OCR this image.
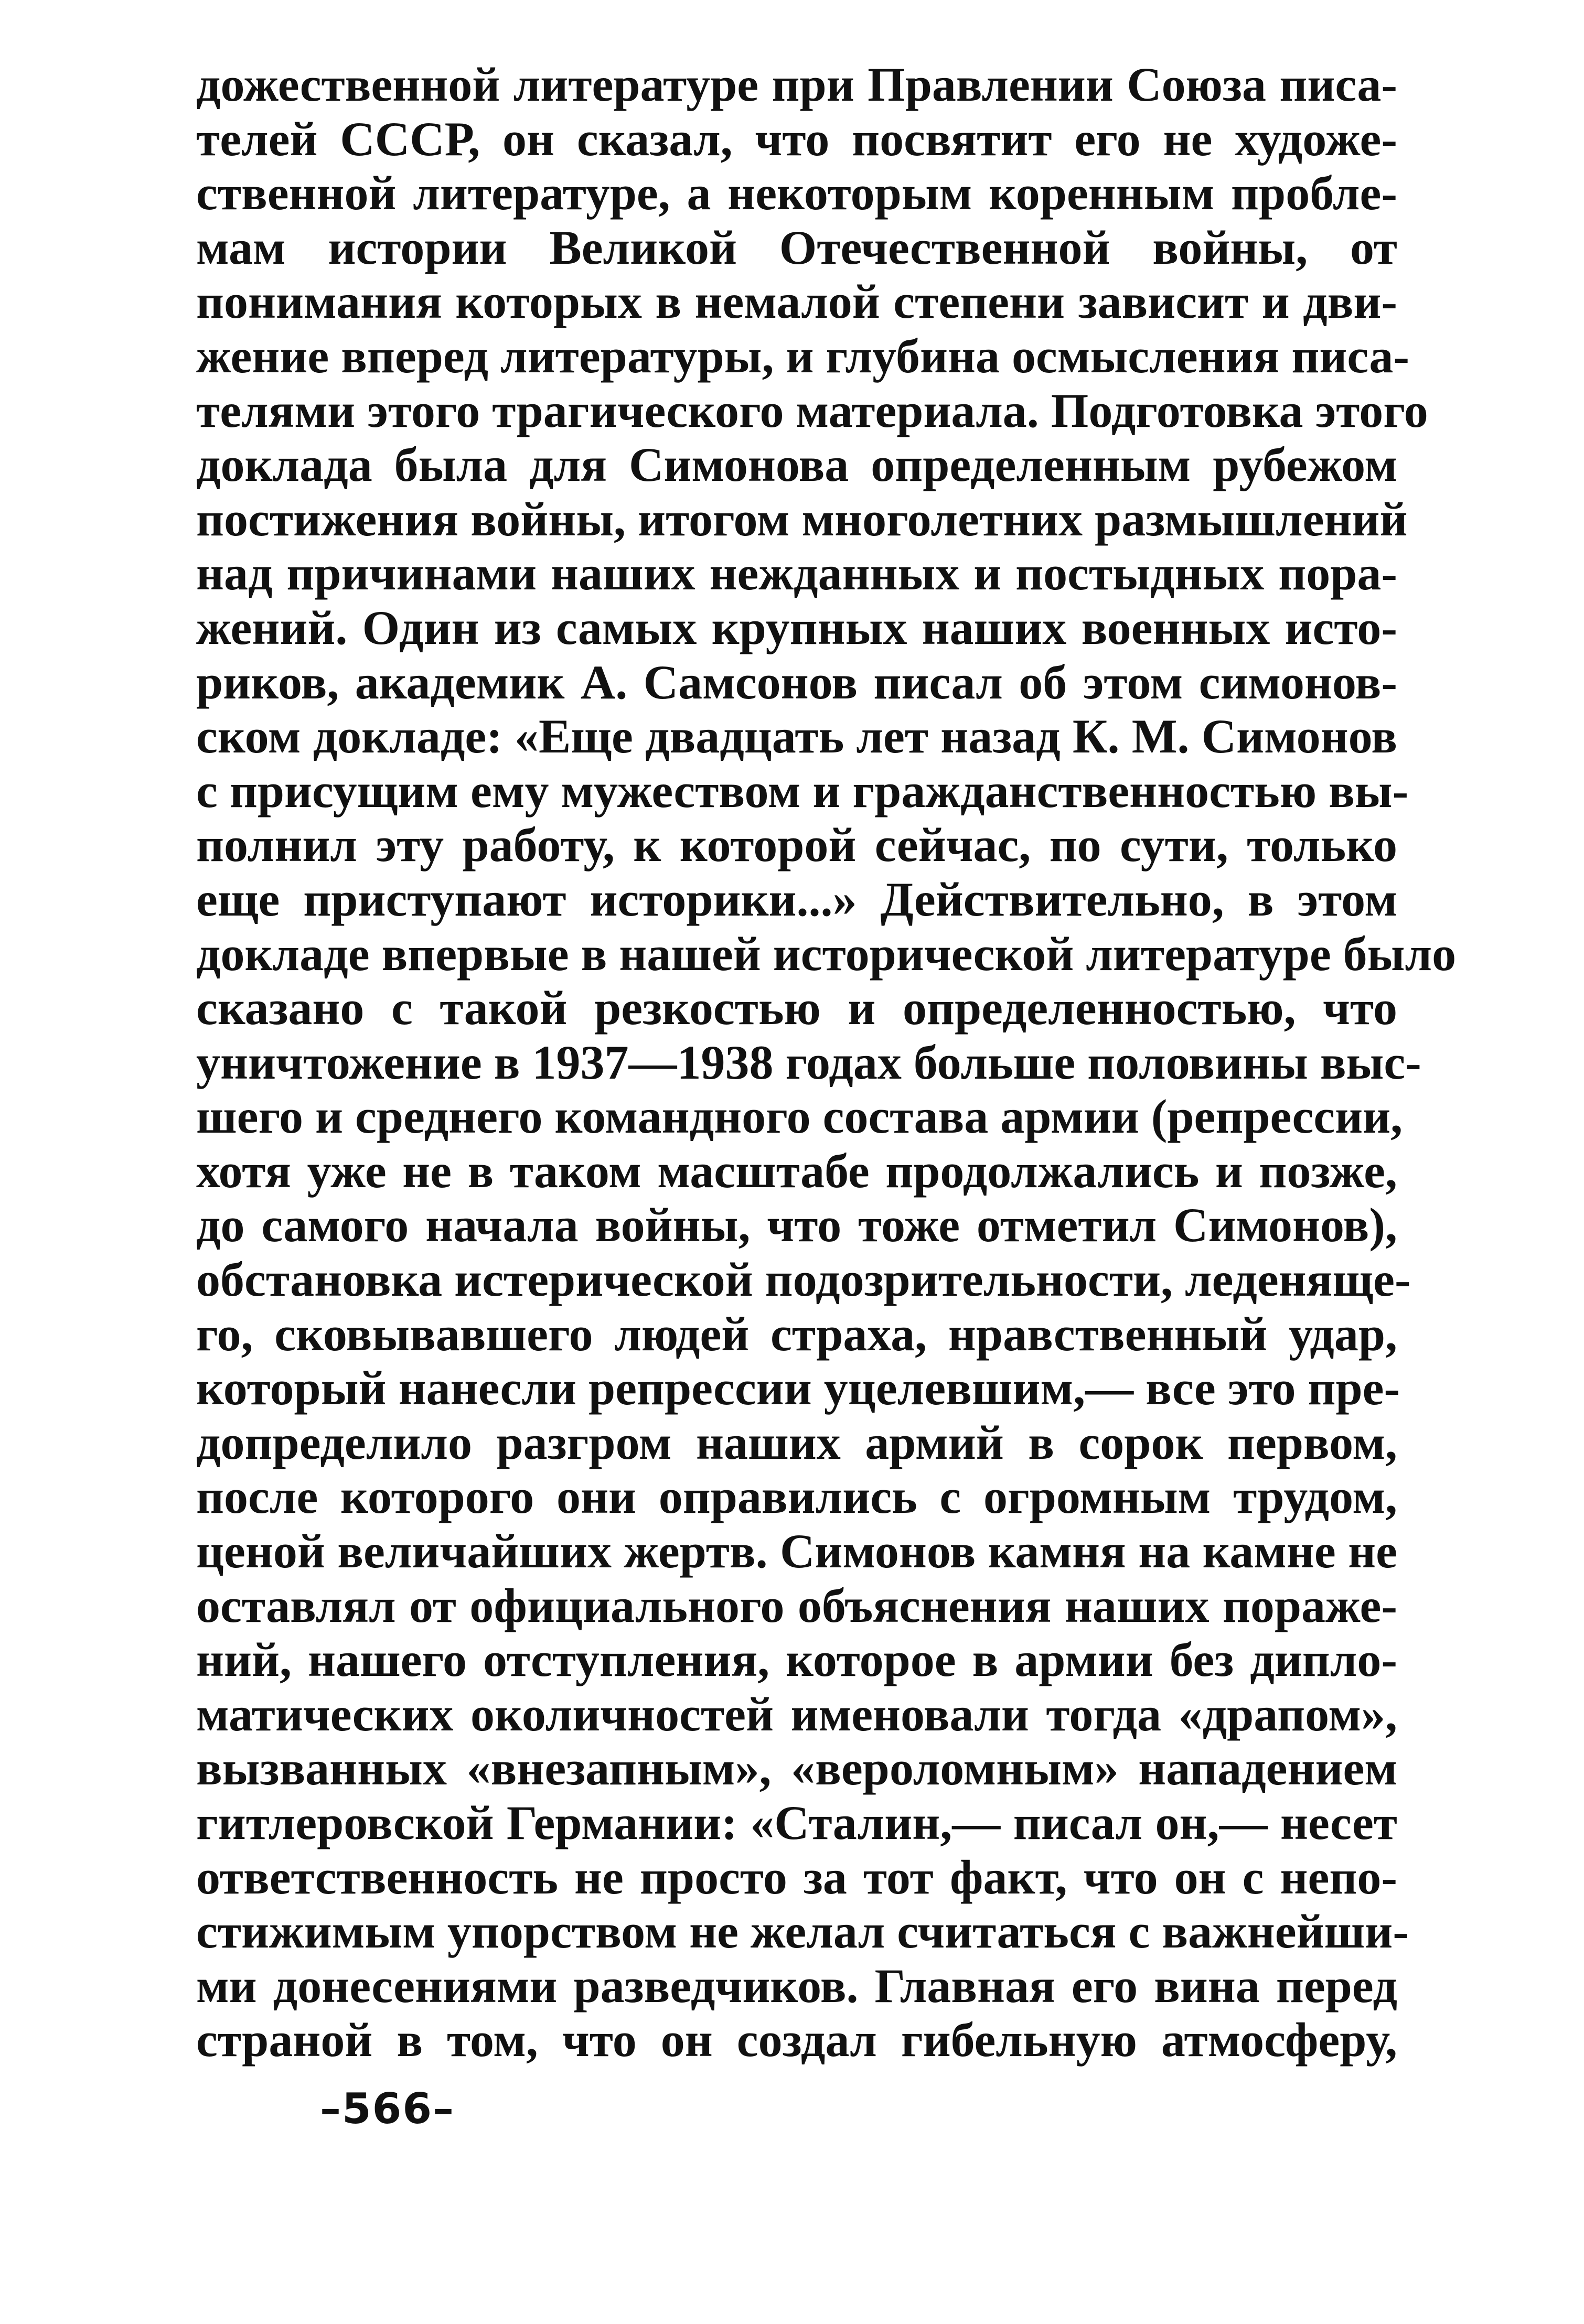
дожественной литературе при Правлении Союза писа-
телей СССР, он сказал, что посвятит его не художе-
ственной литературе, а некоторым коренным пробле-
мам истории Великой Отечественной войны, от
понимания которых в немалой степени зависит и дви-
жение вперед литературы, и глубина осмысления писа-
телями этого трагического материала. Подготовка этого
доклада была для Симонова определенным рубежом
постижения войны, итогом многолетних размышлений
над причинами наших нежданных и постыдных пора-
жений. Один из самых крупных наших военных исто-
риков, академик А. Самсонов писал об этом симонов-
ском докладе: «Еще двадцать лет назад К. М. Симонов
с присущим ему мужеством и гражданственностью вы-
полнил эту работу, к которой сейчас, по сути, только
еще приступают историки...» Действительно, в этом
докладе впервые в нашей исторической литературе было
сказано с такой резкостью и определенностью, что
уничтожение в 1937—1938 годах больше половины выс-
шего и среднего командного состава армии (репрессии,
хотя уже не в таком масштабе продолжались и позже,
до самого начала войны, что тоже отметил Симонов),
обстановка истерической подозрительности, леденяще-
го, сковывавшего людей страха, нравственный удар,
который нанесли репрессии уцелевшим,— все это пре-
допределило разгром наших армий в сорок первом,
после которого они оправились с огромным трудом,
ценой величайших жертв. Симонов камня на камне не
оставлял от официального объяснения наших пораже-
ний, нашего отступления, которое в армии без дипло-
матических околичностей именовали тогда «драпом»,
вызванных «внезапным», «вероломным» нападением
гитлеровской Германии: «Сталин,— писал он,— несет
ответственность не просто за тот факт, что он с непо-
стижимым упорством не желал считаться с важнейши-
ми донесениями разведчиков. Главная его вина перед
страной в том, что он создал гибельную атмосферу,
–566–
